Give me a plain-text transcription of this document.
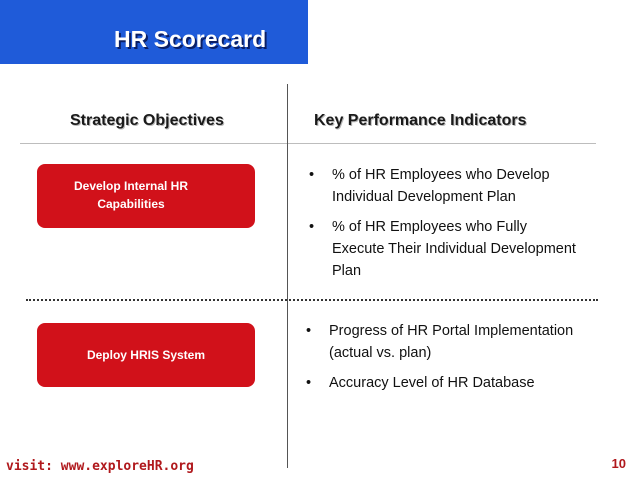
HR Scorecard
Strategic Objectives	Key Performance Indicators
Develop Internal HR Capabilities
• % of HR Employees who Develop Individual Development Plan
• % of HR Employees who Fully Execute Their Individual Development Plan
Deploy HRIS System
• Progress of HR Portal Implementation (actual vs. plan)
• Accuracy Level of HR Database
visit: www.exploreHR.org	10
